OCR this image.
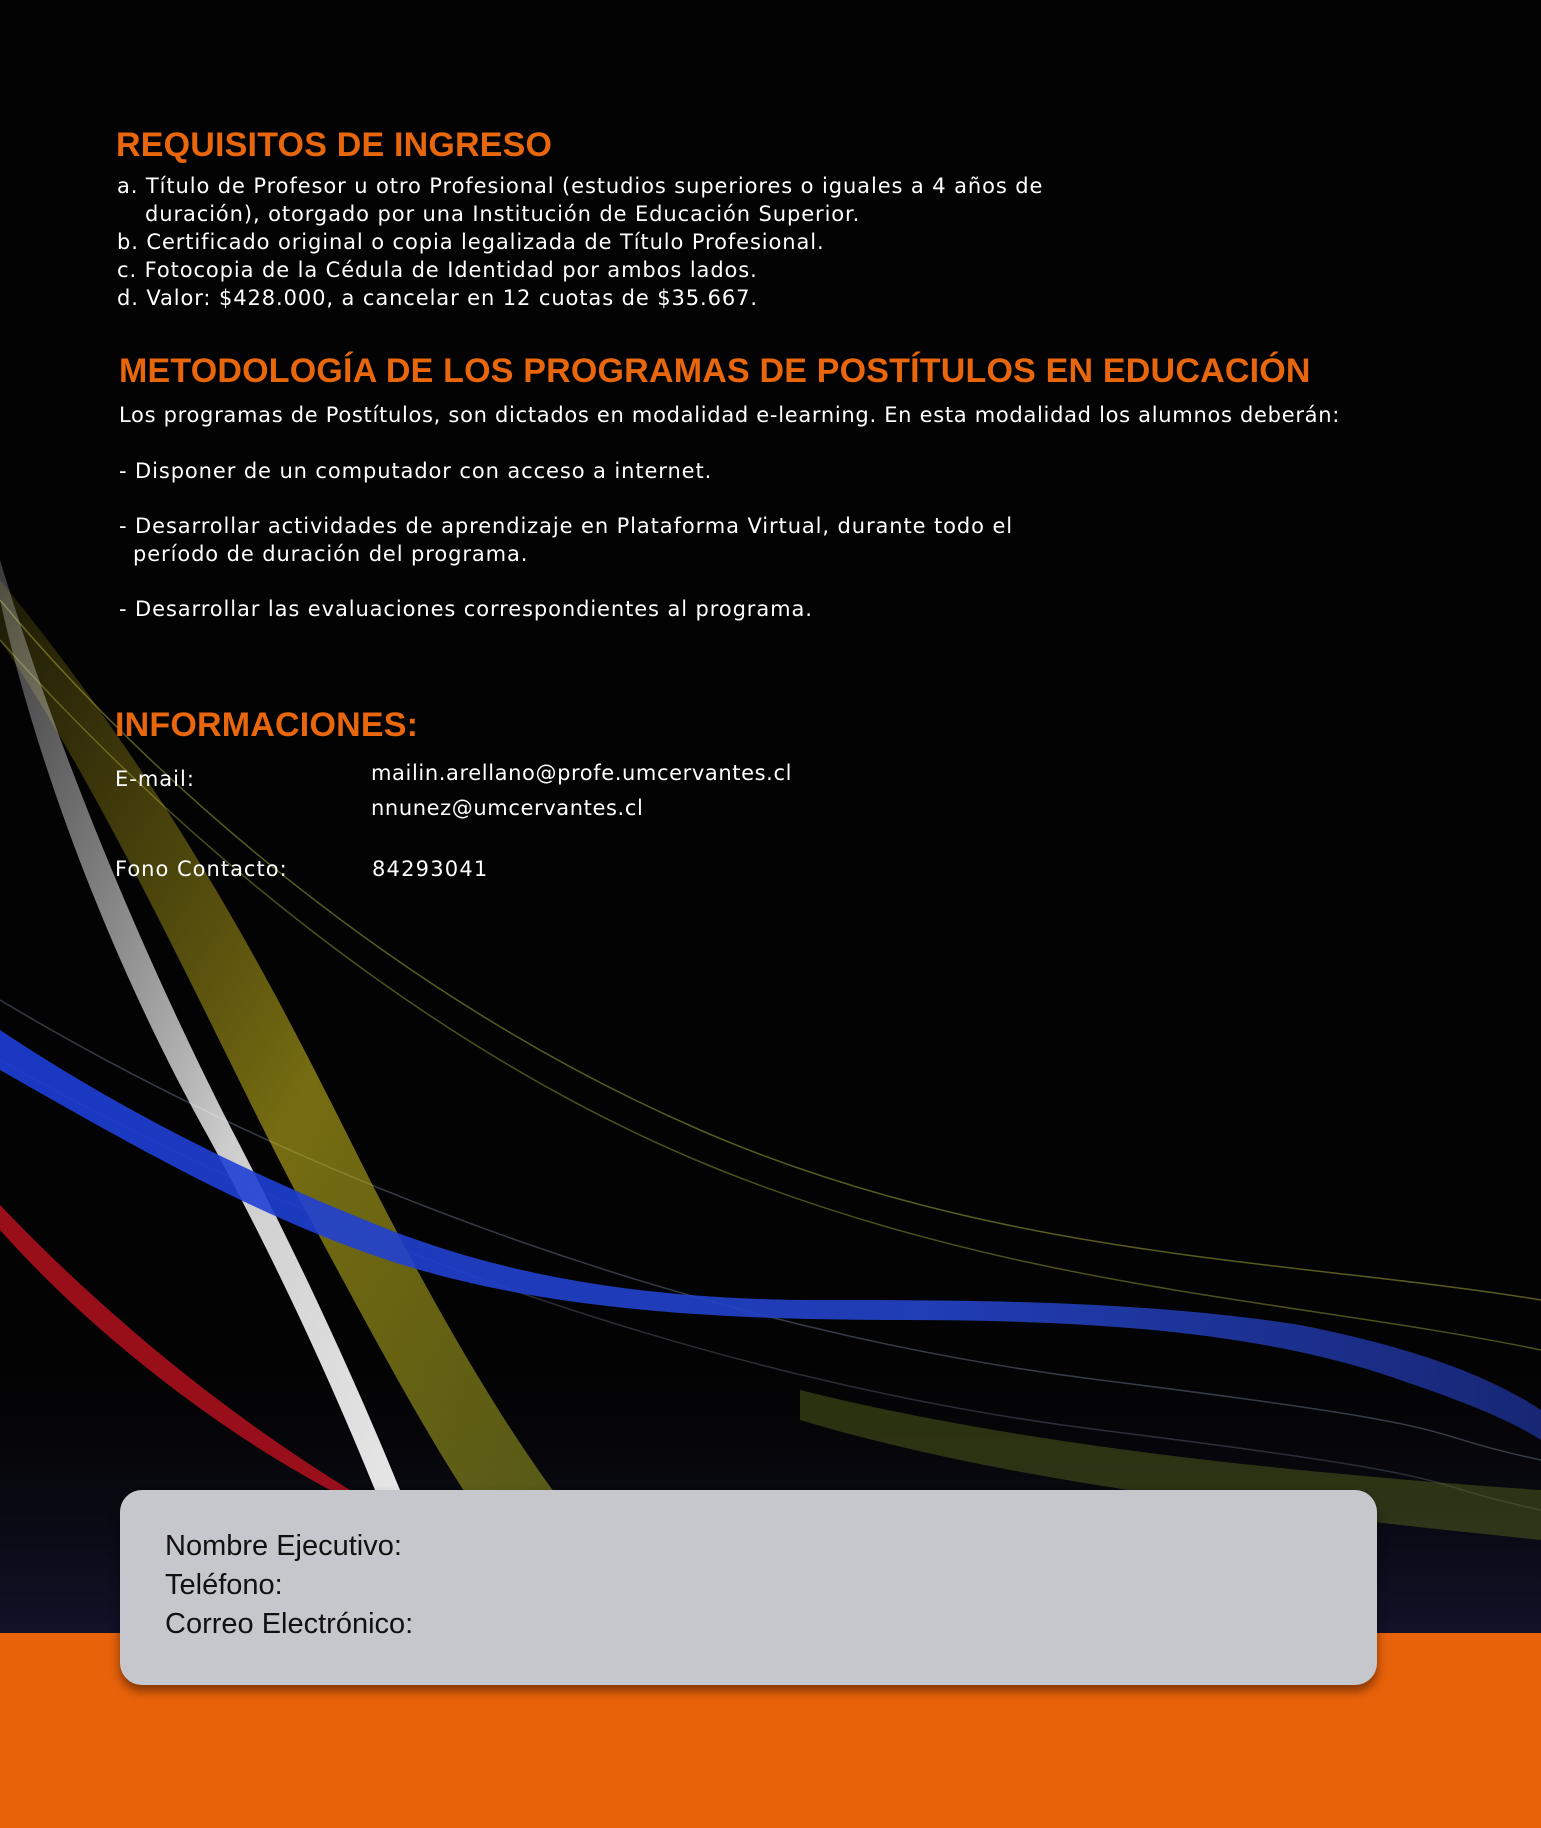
REQUISITOS DE INGRESO

a. Título de Profesor u otro Profesional (estudios superiores o iguales a 4 años de

duración), otorgado por una Institución de Educación Superior.

b. Certificado original o copia legalizada de Título Profesional.

c. Fotocopia de la Cédula de Identidad por ambos lados.

d. Valor: $428.000, a cancelar en 12 cuotas de $35.667.

METODOLOGÍA DE LOS PROGRAMAS DE POSTÍTULOS EN EDUCACIÓN

Los programas de Postítulos, son dictados en modalidad e-learning. En esta modalidad los alumnos deberán:

- Disponer de un computador con acceso a internet.

- Desarrollar actividades de aprendizaje en Plataforma Virtual, durante todo el

período de duración del programa.

- Desarrollar las evaluaciones correspondientes al programa.

INFORMACIONES:
E-mail:	mailin.arellano@profe.umcervantes.cl
nnunez@umcervantes.cl
Fono Contacto:	84293041
Nombre Ejecutivo:
Teléfono:
Correo Electrónico:
